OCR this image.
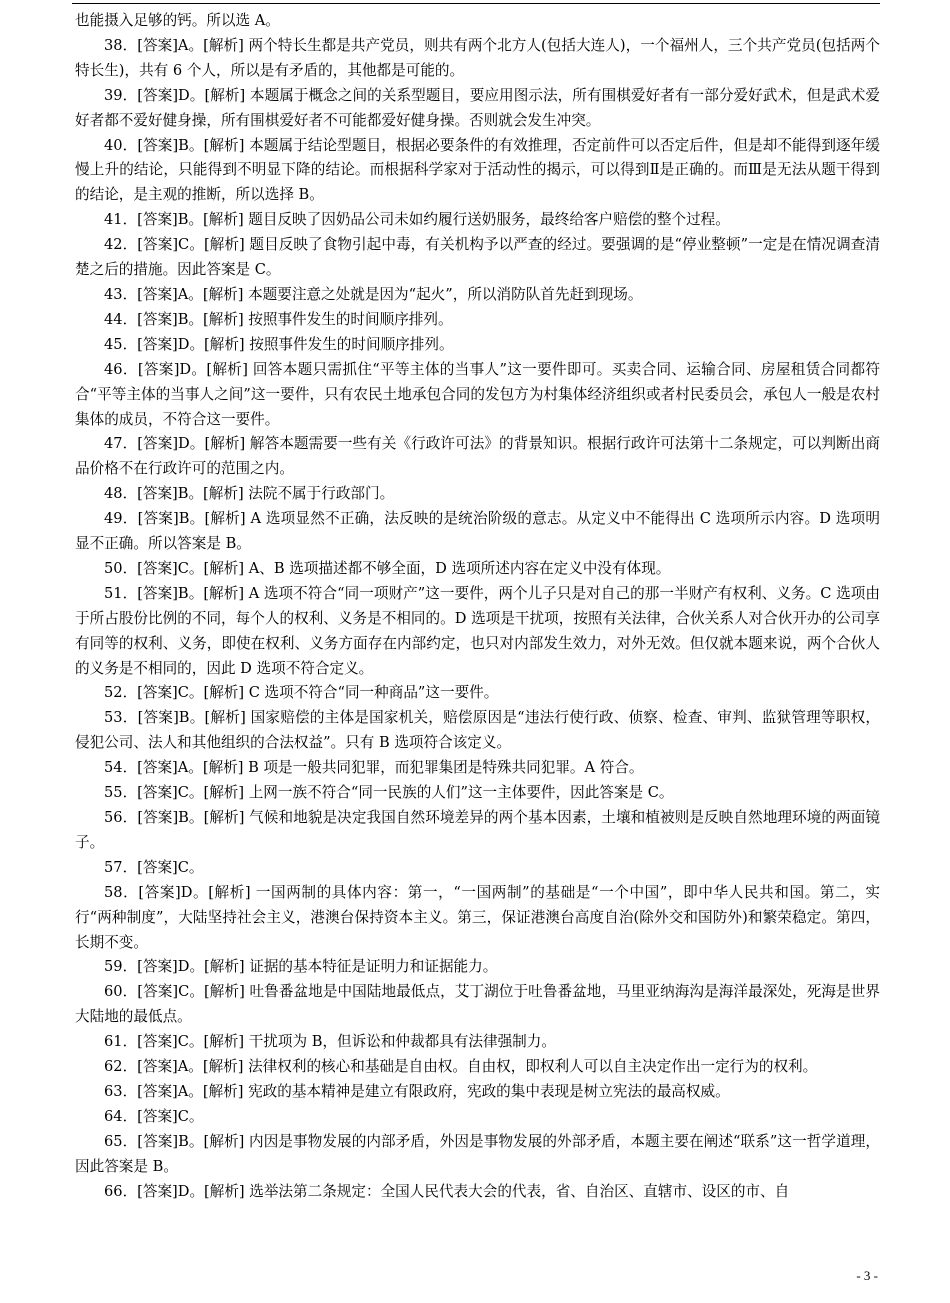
也能摄入足够的钙。所以选 A。

38．[答案]A。[解析] 两个特长生都是共产党员，则共有两个北方人(包括大连人)，一个福州人，三个共产党员(包括两个特长生)，共有 6 个人，所以是有矛盾的，其他都是可能的。

39．[答案]D。[解析] 本题属于概念之间的关系型题目，要应用图示法，所有围棋爱好者有一部分爱好武术，但是武术爱好者都不爱好健身操，所有围棋爱好者不可能都爱好健身操。否则就会发生冲突。

40．[答案]B。[解析] 本题属于结论型题目，根据必要条件的有效推理，否定前件可以否定后件，但是却不能得到逐年缓慢上升的结论，只能得到不明显下降的结论。而根据科学家对于活动性的揭示，可以得到Ⅱ是正确的。而Ⅲ是无法从题干得到的结论，是主观的推断，所以选择 B。

41．[答案]B。[解析] 题目反映了因奶品公司未如约履行送奶服务，最终给客户赔偿的整个过程。

42．[答案]C。[解析] 题目反映了食物引起中毒，有关机构予以严查的经过。要强调的是“停业整顿”一定是在情况调查清楚之后的措施。因此答案是 C。

43．[答案]A。[解析] 本题要注意之处就是因为“起火”，所以消防队首先赶到现场。

44．[答案]B。[解析] 按照事件发生的时间顺序排列。

45．[答案]D。[解析] 按照事件发生的时间顺序排列。

46．[答案]D。[解析] 回答本题只需抓住“平等主体的当事人”这一要件即可。买卖合同、运输合同、房屋租赁合同都符合“平等主体的当事人之间”这一要件，只有农民土地承包合同的发包方为村集体经济组织或者村民委员会，承包人一般是农村集体的成员，不符合这一要件。

47．[答案]D。[解析] 解答本题需要一些有关《行政许可法》的背景知识。根据行政许可法第十二条规定，可以判断出商品价格不在行政许可的范围之内。

48．[答案]B。[解析] 法院不属于行政部门。

49．[答案]B。[解析] A 选项显然不正确，法反映的是统治阶级的意志。从定义中不能得出 C 选项所示内容。D 选项明显不正确。所以答案是 B。

50．[答案]C。[解析] A、B 选项描述都不够全面，D 选项所述内容在定义中没有体现。

51．[答案]B。[解析] A 选项不符合“同一项财产”这一要件，两个儿子只是对自己的那一半财产有权利、义务。C 选项由于所占股份比例的不同，每个人的权利、义务是不相同的。D 选项是干扰项，按照有关法律，合伙关系人对合伙开办的公司享有同等的权利、义务，即使在权利、义务方面存在内部约定，也只对内部发生效力，对外无效。但仅就本题来说，两个合伙人的义务是不相同的，因此 D 选项不符合定义。

52．[答案]C。[解析] C 选项不符合“同一种商品”这一要件。

53．[答案]B。[解析] 国家赔偿的主体是国家机关，赔偿原因是“违法行使行政、侦察、检查、审判、监狱管理等职权，侵犯公司、法人和其他组织的合法权益”。只有 B 选项符合该定义。

54．[答案]A。[解析] B 项是一般共同犯罪，而犯罪集团是特殊共同犯罪。A 符合。

55．[答案]C。[解析] 上网一族不符合“同一民族的人们”这一主体要件，因此答案是 C。

56．[答案]B。[解析] 气候和地貌是决定我国自然环境差异的两个基本因素，土壤和植被则是反映自然地理环境的两面镜子。

57．[答案]C。

58．[答案]D。[解析] 一国两制的具体内容：第一，“一国两制”的基础是“一个中国”，即中华人民共和国。第二，实行“两种制度”，大陆坚持社会主义，港澳台保持资本主义。第三，保证港澳台高度自治(除外交和国防外)和繁荣稳定。第四，长期不变。

59．[答案]D。[解析] 证据的基本特征是证明力和证据能力。

60．[答案]C。[解析] 吐鲁番盆地是中国陆地最低点，艾丁湖位于吐鲁番盆地，马里亚纳海沟是海洋最深处，死海是世界大陆地的最低点。

61．[答案]C。[解析] 干扰项为 B，但诉讼和仲裁都具有法律强制力。

62．[答案]A。[解析] 法律权利的核心和基础是自由权。自由权，即权利人可以自主决定作出一定行为的权利。

63．[答案]A。[解析] 宪政的基本精神是建立有限政府，宪政的集中表现是树立宪法的最高权威。

64．[答案]C。

65．[答案]B。[解析] 内因是事物发展的内部矛盾，外因是事物发展的外部矛盾，本题主要在阐述“联系”这一哲学道理，因此答案是 B。

66．[答案]D。[解析] 选举法第二条规定：全国人民代表大会的代表，省、自治区、直辖市、设区的市、自

- 3 -
